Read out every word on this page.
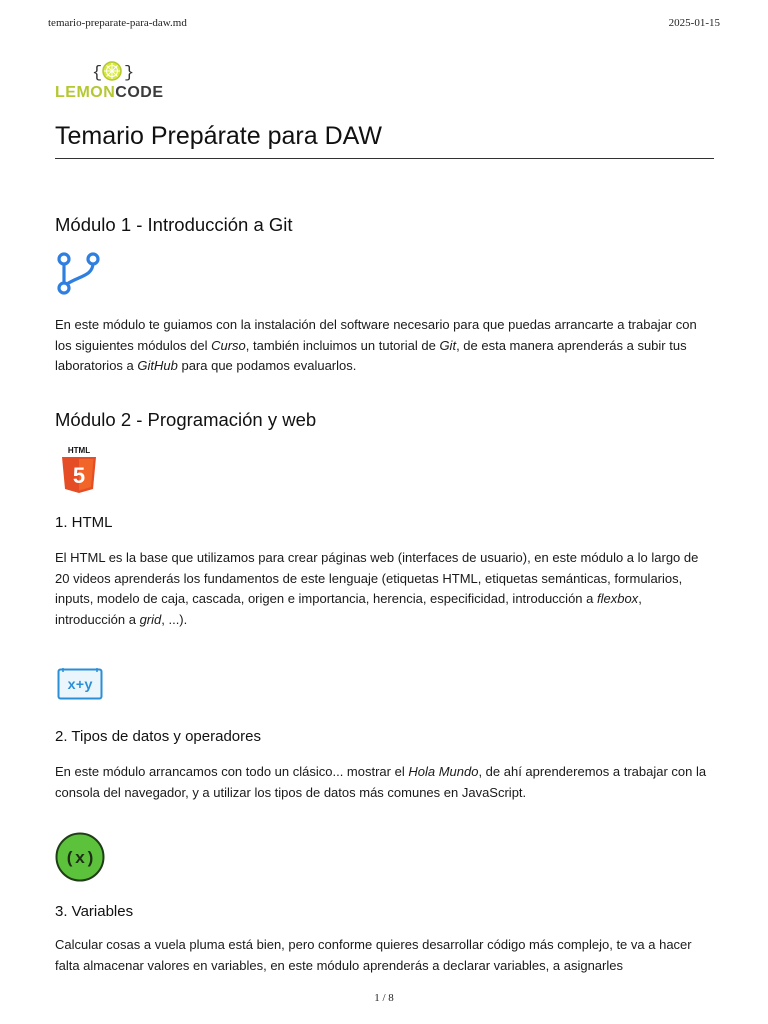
temario-preparate-para-daw.md	2025-01-15
{ }
LEMONCODE
Temario Prepárate para DAW
Módulo 1 - Introducción a Git

En este módulo te guiamos con la instalación del software necesario para que puedas arrancarte a trabajar con los siguientes módulos del Curso, también incluimos un tutorial de Git, de esta manera aprenderás a subir tus laboratorios a GitHub para que podamos evaluarlos.

Módulo 2 - Programación y web
HTML
5
1. HTML

El HTML es la base que utilizamos para crear páginas web (interfaces de usuario), en este módulo a lo largo de 20 videos aprenderás los fundamentos de este lenguaje (etiquetas HTML, etiquetas semánticas, formularios, inputs, modelo de caja, cascada, origen e importancia, herencia, especificidad, introducción a flexbox, introducción a grid, ...).

x+y
2. Tipos de datos y operadores

En este módulo arrancamos con todo un clásico... mostrar el Hola Mundo, de ahí aprenderemos a trabajar con la consola del navegador, y a utilizar los tipos de datos más comunes en JavaScript.

(x)
3. Variables

Calcular cosas a vuela pluma está bien, pero conforme quieres desarrollar código más complejo, te va a hacer falta almacenar valores en variables, en este módulo aprenderás a declarar variables, a asignarles

1 / 8
